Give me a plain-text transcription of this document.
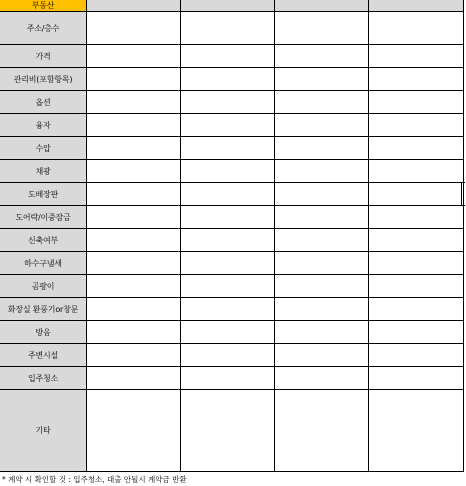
부동산
주소/층수
가격
관리비(포함항목)
옵션
융자
수압
채광
도배장판
도어락/이중잠금
신축여부
하수구냄새
곰팡이
화장실 환풍기or창문
방음
주변시설
입주청소
기타
* 계약 시 확인할 것 : 입주청소, 대출 안될시 계약금 반환
